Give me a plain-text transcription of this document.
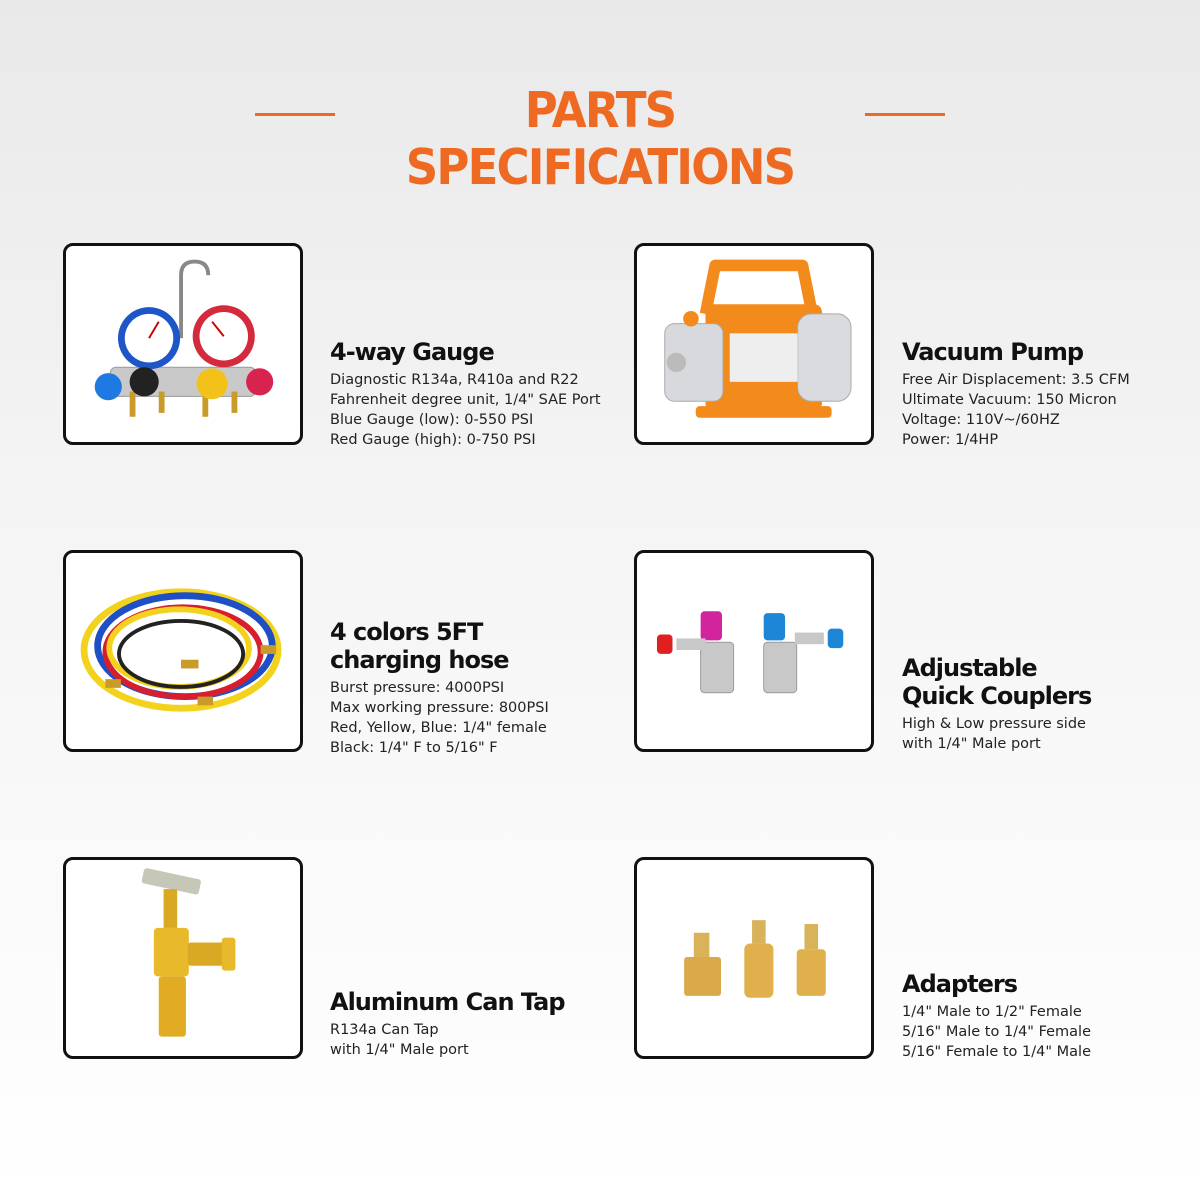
PARTS SPECIFICATIONS
4-way Gauge
Diagnostic R134a, R410a and R22
Fahrenheit degree unit, 1/4" SAE Port
Blue Gauge (low): 0-550 PSI
Red Gauge (high): 0-750 PSI
Vacuum Pump
Free Air Displacement: 3.5 CFM
Ultimate Vacuum: 150 Micron
Voltage: 110V~/60HZ
Power: 1/4HP
4 colors 5FT charging hose
Burst pressure: 4000PSI
Max working pressure: 800PSI
Red, Yellow, Blue: 1/4" female
Black: 1/4" F to 5/16" F
Adjustable Quick Couplers
High & Low pressure side
with 1/4" Male port
Aluminum Can Tap
R134a Can Tap
with 1/4" Male port
Adapters
1/4" Male to 1/2" Female
5/16" Male to 1/4" Female
5/16" Female to 1/4" Male
